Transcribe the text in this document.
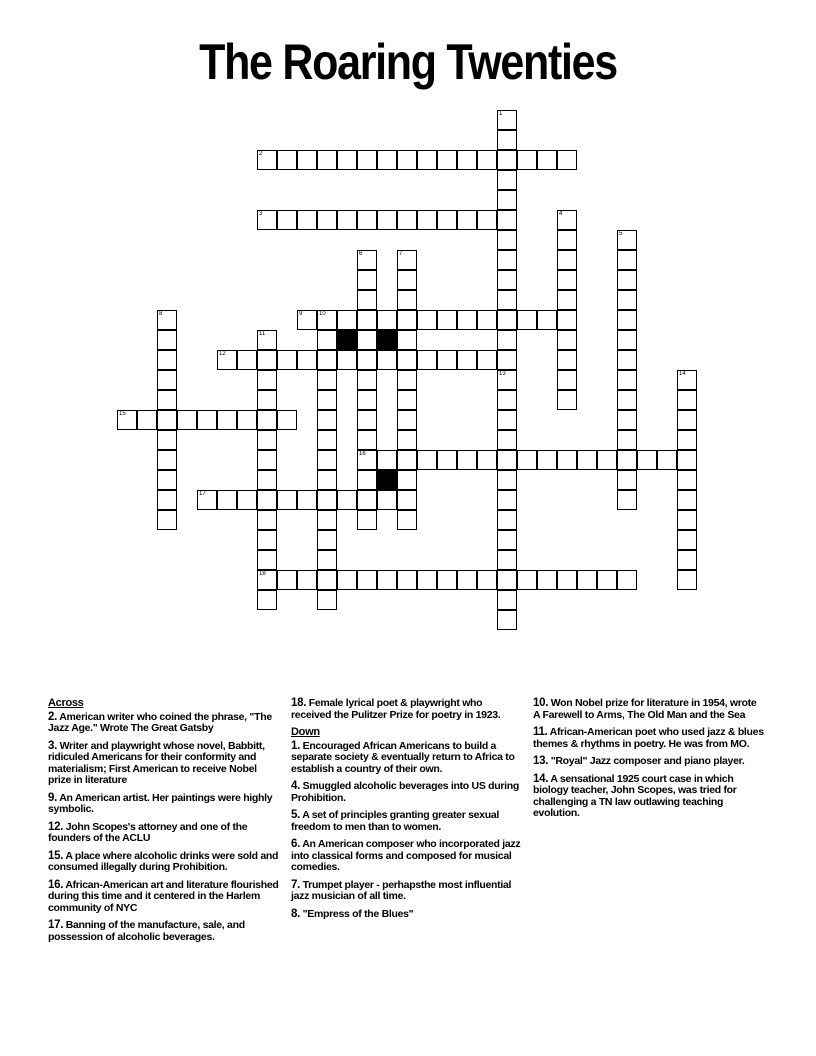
The Roaring Twenties
1
13
2
3	4
5
6
16
7
8	9	10
11
18
12
14
15
17
Across
2. American writer who coined the phrase, "The Jazz Age." Wrote The Great Gatsby
3. Writer and playwright whose novel, Babbitt, ridiculed Americans for their conformity and materialism; First American to receive Nobel prize in literature
9. An American artist. Her paintings were highly symbolic.
12. John Scopes's attorney and one of the founders of the ACLU
15. A place where alcoholic drinks were sold and consumed illegally during Prohibition.
16. African-American art and literature flourished during this time and it centered in the Harlem community of NYC
17. Banning of the manufacture, sale, and possession of alcoholic beverages.
18. Female lyrical poet & playwright who received the Pulitzer Prize for poetry in 1923.
Down
1. Encouraged African Americans to build a separate society & eventually return to Africa to establish a country of their own.
4. Smuggled alcoholic beverages into US during Prohibition.
5. A set of principles granting greater sexual freedom to men than to women.
6. An American composer who incorporated jazz into classical forms and composed for musical comedies.
7. Trumpet player - perhapsthe most influential jazz musician of all time.
8. "Empress of the Blues"
10. Won Nobel prize for literature in 1954, wrote A Farewell to Arms, The Old Man and the Sea
11. African-American poet who used jazz & blues themes & rhythms in poetry. He was from MO.
13. "Royal" Jazz composer and piano player.
14. A sensational 1925 court case in which biology teacher, John Scopes, was tried for challenging a TN law outlawing teaching evolution.
